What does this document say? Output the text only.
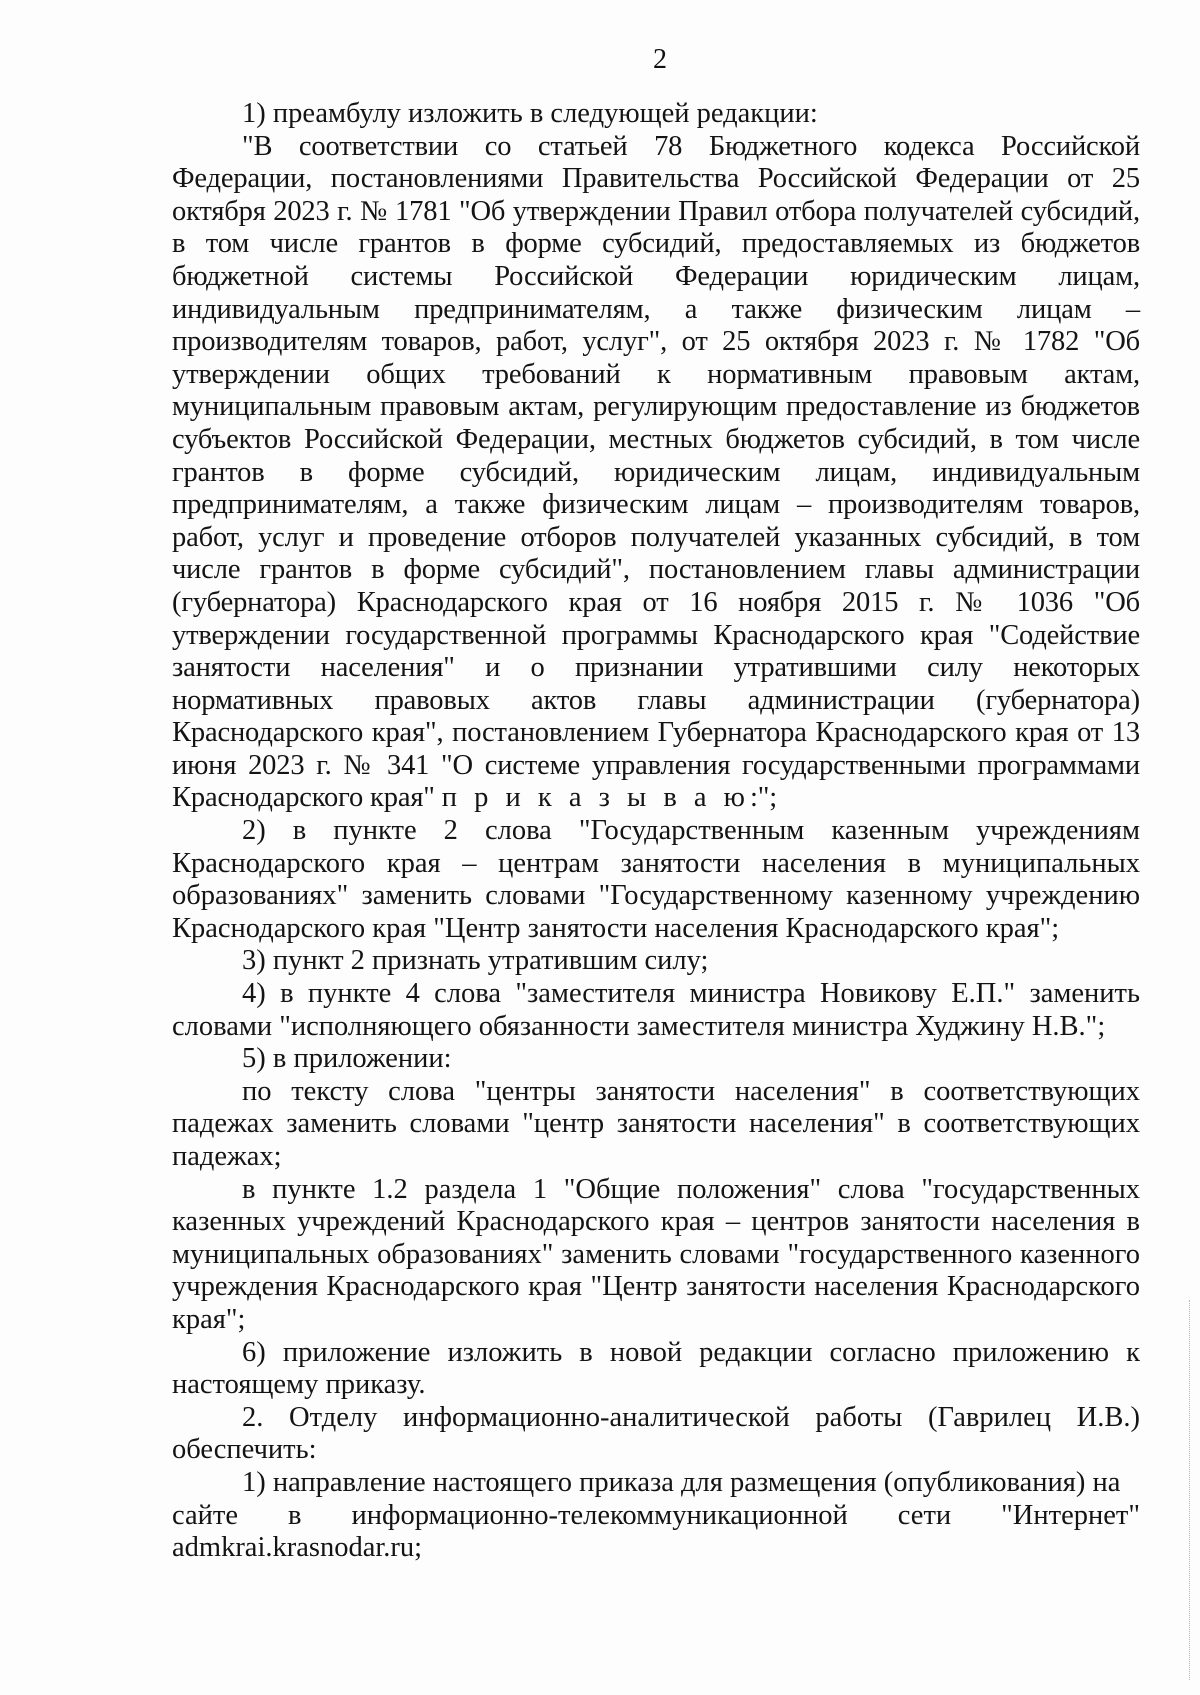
2

1) преамбулу изложить в следующей редакции:

"В соответствии со статьей 78 Бюджетного кодекса Российской Федерации, постановлениями Правительства Российской Федерации от 25 октября 2023 г. № 1781 "Об утверждении Правил отбора получателей субсидий, в том числе грантов в форме субсидий, предоставляемых из бюджетов бюджетной системы Российской Федерации юридическим лицам, индивидуальным предпринимателям, а также физическим лицам – производителям товаров, работ, услуг", от 25 октября 2023 г. № 1782 "Об утверждении общих требований к нормативным правовым актам, муниципальным правовым актам, регулирующим предоставление из бюджетов субъектов Российской Федерации, местных бюджетов субсидий, в том числе грантов в форме субсидий, юридическим лицам, индивидуальным предпринимателям, а также физическим лицам – производителям товаров, работ, услуг и проведение отборов получателей указанных субсидий, в том числе грантов в форме субсидий", постановлением главы администрации (губернатора) Краснодарского края от 16 ноября 2015 г. № 1036 "Об утверждении государственной программы Краснодарского края "Содействие занятости населения" и о признании утратившими силу некоторых нормативных правовых актов главы администрации (губернатора) Краснодарского края", постановлением Губернатора Краснодарского края от 13 июня 2023 г. № 341 "О системе управления государственными программами Краснодарского края" п р и к а з ы в а ю:";

2) в пункте 2 слова "Государственным казенным учреждениям Краснодарского края – центрам занятости населения в муниципальных образованиях" заменить словами "Государственному казенному учреждению Краснодарского края "Центр занятости населения Краснодарского края";

3) пункт 2 признать утратившим силу;

4) в пункте 4 слова "заместителя министра Новикову Е.П." заменить словами "исполняющего обязанности заместителя министра Худжину Н.В.";

5) в приложении:

по тексту слова "центры занятости населения" в соответствующих падежах заменить словами "центр занятости населения" в соответствующих падежах;

в пункте 1.2 раздела 1 "Общие положения" слова "государственных казенных учреждений Краснодарского края – центров занятости населения в муниципальных образованиях" заменить словами "государственного казенного учреждения Краснодарского края "Центр занятости населения Краснодарского края";

6) приложение изложить в новой редакции согласно приложению к настоящему приказу.

2. Отделу информационно-аналитической работы (Гаврилец И.В.) обеспечить:

1) направление настоящего приказа для размещения (опубликования) на

сайте в информационно-телекоммуникационной сети "Интернет"
admkrai.krasnodar.ru;
